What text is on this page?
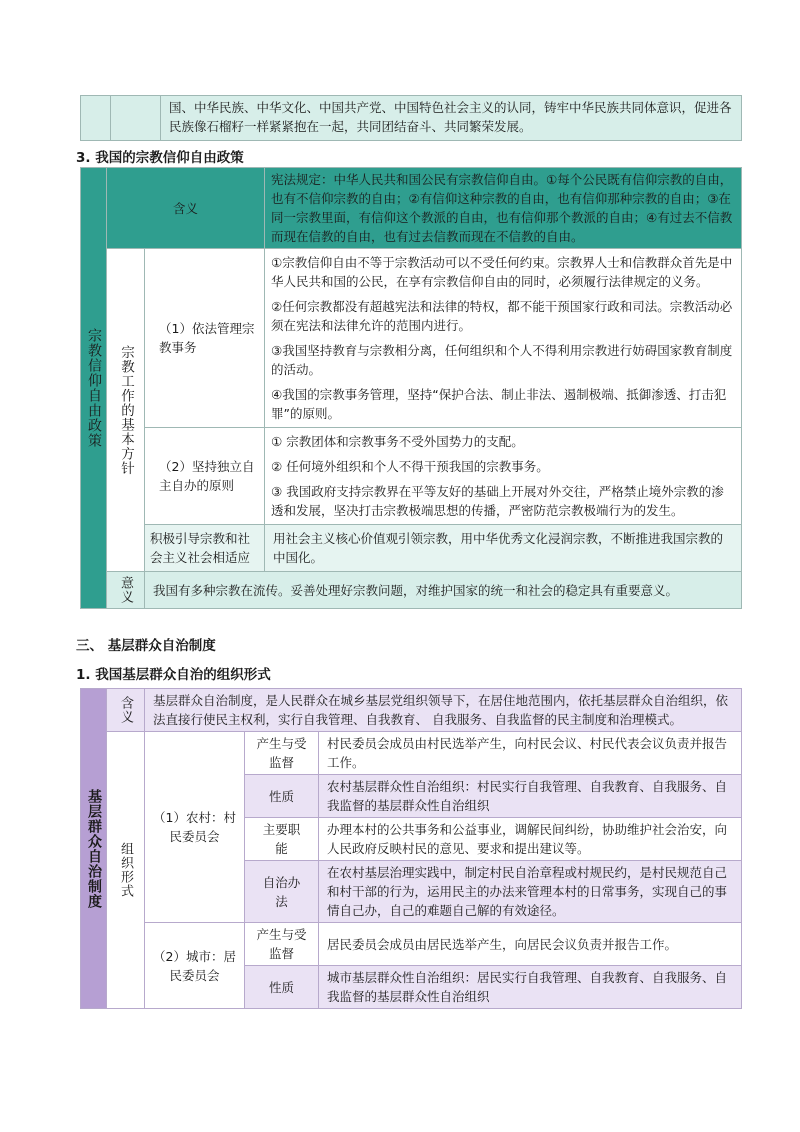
		国、中华民族、中华文化、中国共产党、中国特色社会主义的认同，铸牢中华民族共同体意识，促进各民族像石榴籽一样紧紧抱在一起，共同团结奋斗、共同繁荣发展。
3. 我国的宗教信仰自由政策
宗教信仰自由政策	含义		宪法规定：中华人民共和国公民有宗教信仰自由。①每个公民既有信仰宗教的自由，也有不信仰宗教的自由；②有信仰这种宗教的自由，也有信仰那种宗教的自由；③在同一宗教里面，有信仰这个教派的自由，也有信仰那个教派的自由；④有过去不信教而现在信教的自由，也有过去信教而现在不信教的自由。
	宗教工作的基本方针	（1）依法管理宗教事务	①宗教信仰自由不等于宗教活动可以不受任何约束。宗教界人士和信教群众首先是中华人民共和国的公民，在享有宗教信仰自由的同时，必须履行法律规定的义务。

②任何宗教都没有超越宪法和法律的特权，都不能干预国家行政和司法。宗教活动必须在宪法和法律允许的范围内进行。

③我国坚持教育与宗教相分离，任何组织和个人不得利用宗教进行妨碍国家教育制度的活动。

④我国的宗教事务管理，坚持“保护合法、制止非法、遏制极端、抵御渗透、打击犯罪”的原则。

		（2）坚持独立自主自办的原则	① 宗教团体和宗教事务不受外国势力的支配。

② 任何境外组织和个人不得干预我国的宗教事务。

③ 我国政府支持宗教界在平等友好的基础上开展对外交往，严格禁止境外宗教的渗透和发展，坚决打击宗教极端思想的传播，严密防范宗教极端行为的发生。

		积极引导宗教和社会主义社会相适应	用社会主义核心价值观引领宗教，用中华优秀文化浸润宗教，不断推进我国宗教的中国化。
	意义	我国有多种宗教在流传。妥善处理好宗教问题，对维护国家的统一和社会的稳定具有重要意义。	
三、 基层群众自治制度
1. 我国基层群众自治的组织形式
基层群众自治制度	含义	基层群众自治制度，是人民群众在城乡基层党组织领导下，在居住地范围内，依托基层群众自治组织，依法直接行使民主权利，实行自我管理、自我教育、 自我服务、自我监督的民主制度和治理模式。		
	组织形式	（1）农村：村民委员会	产生与受监督	村民委员会成员由村民选举产生，向村民会议、村民代表会议负责并报告工作。
			性质	农村基层群众性自治组织：村民实行自我管理、自我教育、自我服务、自我监督的基层群众性自治组织
			主要职能	办理本村的公共事务和公益事业，调解民间纠纷，协助维护社会治安，向人民政府反映村民的意见、要求和提出建议等。
			自治办法	在农村基层治理实践中，制定村民自治章程或村规民约，是村民规范自己和村干部的行为，运用民主的办法来管理本村的日常事务，实现自己的事情自己办，自己的难题自己解的有效途径。
		（2）城市：居民委员会	产生与受监督	居民委员会成员由居民选举产生，向居民会议负责并报告工作。
			性质	城市基层群众性自治组织：居民实行自我管理、自我教育、自我服务、自我监督的基层群众性自治组织
